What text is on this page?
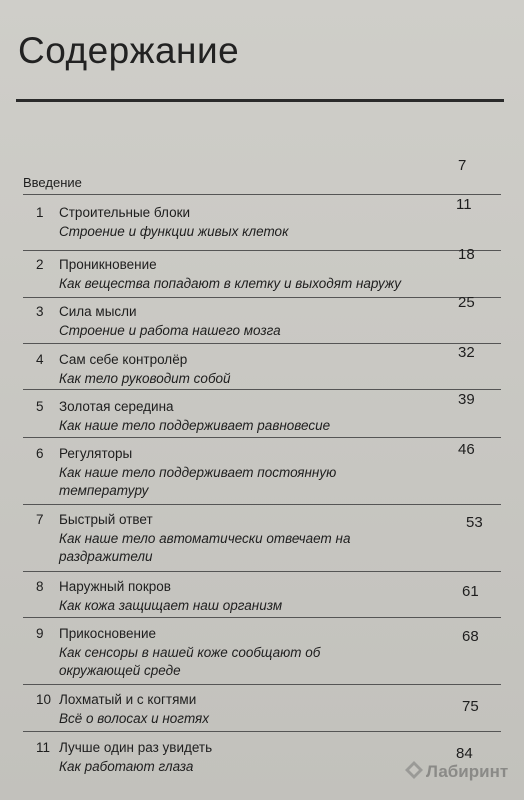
Содержание
7
Введение
1 Строительные блоки
Строение и функции живых клеток
11
2 Проникновение
Как вещества попадают в клетку и выходят наружу
18
3 Сила мысли
Строение и работа нашего мозга
25
4 Сам себе контролёр
Как тело руководит собой
32
5 Золотая середина
Как наше тело поддерживает равновесие
39
6 Регуляторы
Как наше тело поддерживает постоянную температуру
46
7 Быстрый ответ
Как наше тело автоматически отвечает на раздражители
53
8 Наружный покров
Как кожа защищает наш организм
61
9 Прикосновение
Как сенсоры в нашей коже сообщают об окружающей среде
68
10 Лохматый и с когтями
Всё о волосах и ногтях
75
11 Лучше один раз увидеть
Как работают глаза
84
Лабиринт
